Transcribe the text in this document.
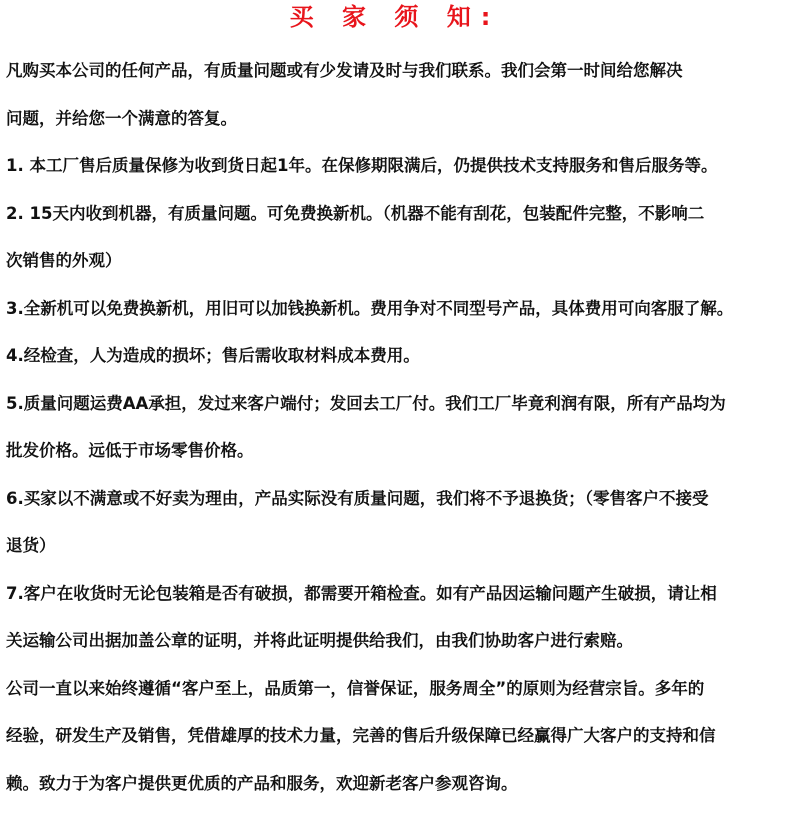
买 家 须 知:
凡购买本公司的任何产品，有质量问题或有少发请及时与我们联系。我们会第一时间给您解决
问题，并给您一个满意的答复。
1. 本工厂售后质量保修为收到货日起1年。在保修期限满后，仍提供技术支持服务和售后服务等。
2. 15天内收到机器，有质量问题。可免费换新机。（机器不能有刮花，包装配件完整，不影响二
次销售的外观）
3.全新机可以免费换新机，用旧可以加钱换新机。费用争对不同型号产品，具体费用可向客服了解。
4.经检查，人为造成的损坏；售后需收取材料成本费用。
5.质量问题运费AA承担，发过来客户端付；发回去工厂付。我们工厂毕竟利润有限，所有产品均为
批发价格。远低于市场零售价格。
6.买家以不满意或不好卖为理由，产品实际没有质量问题，我们将不予退换货；（零售客户不接受
退货）
7.客户在收货时无论包装箱是否有破损，都需要开箱检查。如有产品因运输问题产生破损，请让相
关运输公司出据加盖公章的证明，并将此证明提供给我们，由我们协助客户进行索赔。
公司一直以来始终遵循“客户至上，品质第一，信誉保证，服务周全”的原则为经营宗旨。多年的
经验，研发生产及销售，凭借雄厚的技术力量，完善的售后升级保障已经赢得广大客户的支持和信
赖。致力于为客户提供更优质的产品和服务，欢迎新老客户参观咨询。
